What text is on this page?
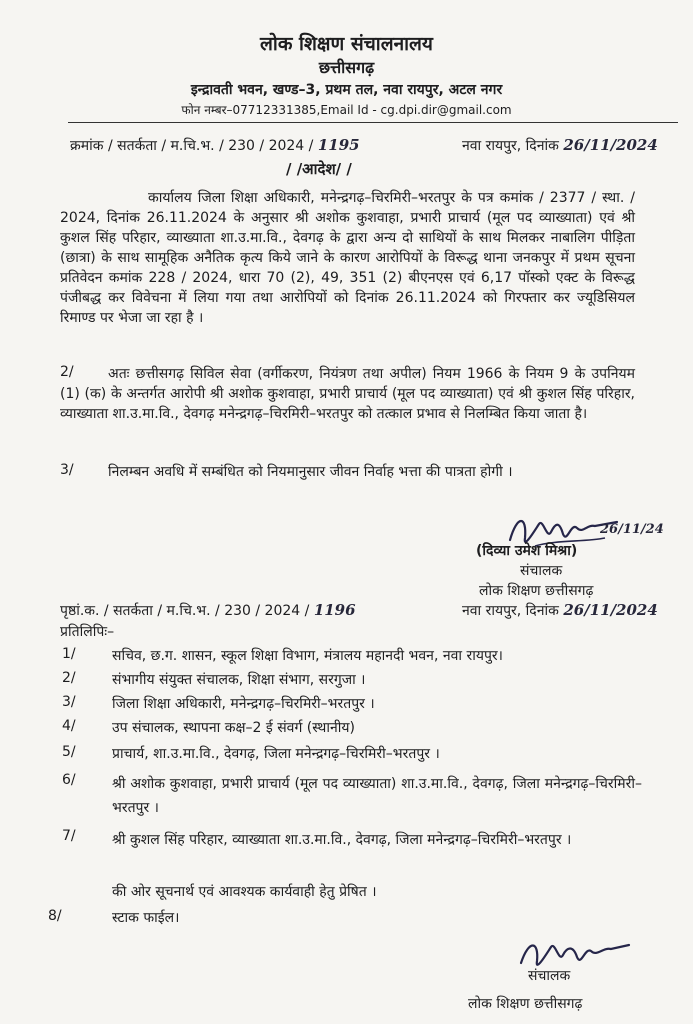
लोक शिक्षण संचालनालय
छत्तीसगढ़
इन्द्रावती भवन, खण्ड–3, प्रथम तल, नवा रायपुर, अटल नगर
फोन नम्बर–07712331385,Email Id - cg.dpi.dir@gmail.com
क्रमांक / सतर्कता / म.चि.भ. / 230 / 2024 / 1195	नवा रायपुर, दिनांक 26/11/2024
/ /आदेश/ /
कार्यालय जिला शिक्षा अधिकारी, मनेन्द्रगढ़–चिरमिरी–भरतपुर के पत्र कमांक / 2377 / स्था. / 2024, दिनांक 26.11.2024 के अनुसार श्री अशोक कुशवाहा, प्रभारी प्राचार्य (मूल पद व्याख्याता) एवं श्री कुशल सिंह परिहार, व्याख्याता शा.उ.मा.वि., देवगढ़ के द्वारा अन्य दो साथियों के साथ मिलकर नाबालिग पीड़िता (छात्रा) के साथ सामूहिक अनैतिक कृत्य किये जाने के कारण आरोपियों के विरूद्ध थाना जनकपुर में प्रथम सूचना प्रतिवेदन कमांक 228 / 2024, धारा 70 (2), 49, 351 (2) बीएनएस एवं 6,17 पॉस्को एक्ट के विरूद्ध पंजीबद्ध कर विवेचना में लिया गया तथा आरोपियों को दिनांक 26.11.2024 को गिरफ्तार कर ज्यूडिसियल रिमाण्ड पर भेजा जा रहा है ।
2/	अतः छत्तीसगढ़ सिविल सेवा (वर्गीकरण, नियंत्रण तथा अपील) नियम 1966 के नियम 9 के उपनियम (1) (क) के अन्तर्गत आरोपी श्री अशोक कुशवाहा, प्रभारी प्राचार्य (मूल पद व्याख्याता) एवं श्री कुशल सिंह परिहार, व्याख्याता शा.उ.मा.वि., देवगढ़ मनेन्द्रगढ़–चिरमिरी–भरतपुर को तत्काल प्रभाव से निलम्बित किया जाता है।
3/	निलम्बन अवधि में सम्बंधित को नियमानुसार जीवन निर्वाह भत्ता की पात्रता होगी ।
26/11/24
(दिव्या उमेश मिश्रा)
संचालक
लोक शिक्षण छत्तीसगढ़
पृष्ठां.क. / सतर्कता / म.चि.भ. / 230 / 2024 / 1196	नवा रायपुर, दिनांक 26/11/2024
प्रतिलिपिः–
1/	सचिव, छ.ग. शासन, स्कूल शिक्षा विभाग, मंत्रालय महानदी भवन, नवा रायपुर।
2/	संभागीय संयुक्त संचालक, शिक्षा संभाग, सरगुजा ।
3/	जिला शिक्षा अधिकारी, मनेन्द्रगढ़–चिरमिरी–भरतपुर ।
4/	उप संचालक, स्थापना कक्ष–2 ई संवर्ग (स्थानीय)
5/	प्राचार्य, शा.उ.मा.वि., देवगढ़, जिला मनेन्द्रगढ़–चिरमिरी–भरतपुर ।
6/	श्री अशोक कुशवाहा, प्रभारी प्राचार्य (मूल पद व्याख्याता) शा.उ.मा.वि., देवगढ़, जिला मनेन्द्रगढ़–चिरमिरी–भरतपुर ।
7/	श्री कुशल सिंह परिहार, व्याख्याता शा.उ.मा.वि., देवगढ़, जिला मनेन्द्रगढ़–चिरमिरी–भरतपुर ।
की ओर सूचनार्थ एवं आवश्यक कार्यवाही हेतु प्रेषित ।
8/	स्टाक फाईल।
संचालक
लोक शिक्षण छत्तीसगढ़
